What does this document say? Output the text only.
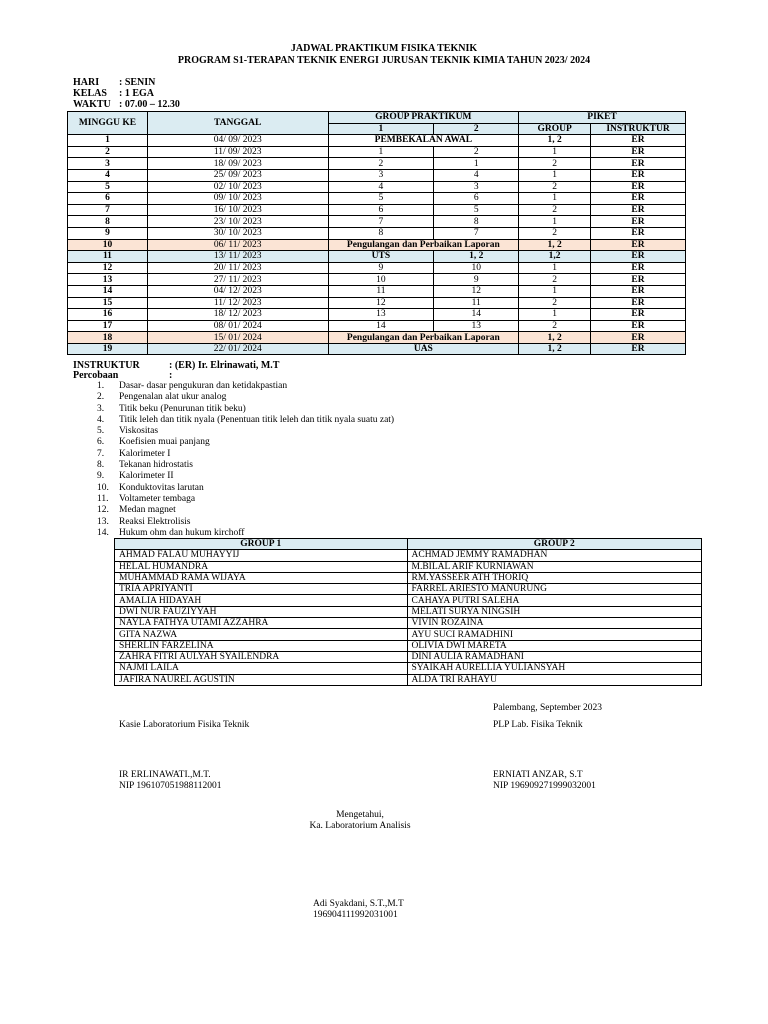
JADWAL PRAKTIKUM FISIKA TEKNIK
PROGRAM S1-TERAPAN TEKNIK ENERGI JURUSAN TEKNIK KIMIA TAHUN 2023/ 2024
HARI : SENIN
KELAS : 1 EGA
WAKTU : 07.00 – 12.30
MINGGU KE	TANGGAL	GROUP PRAKTIKUM		PIKET	
		1	2	GROUP	INSTRUKTUR
1	04/ 09/ 2023	PEMBEKALAN AWAL		1, 2	ER
2	11/ 09/ 2023	1	2	1	ER
3	18/ 09/ 2023	2	1	2	ER
4	25/ 09/ 2023	3	4	1	ER
5	02/ 10/ 2023	4	3	2	ER
6	09/ 10/ 2023	5	6	1	ER
7	16/ 10/ 2023	6	5	2	ER
8	23/ 10/ 2023	7	8	1	ER
9	30/ 10/ 2023	8	7	2	ER
10	06/ 11/ 2023	Pengulangan dan Perbaikan Laporan		1, 2	ER
11	13/ 11/ 2023	UTS	1, 2	1,2	ER
12	20/ 11/ 2023	9	10	1	ER
13	27/ 11/ 2023	10	9	2	ER
14	04/ 12/ 2023	11	12	1	ER
15	11/ 12/ 2023	12	11	2	ER
16	18/ 12/ 2023	13	14	1	ER
17	08/ 01/ 2024	14	13	2	ER
18	15/ 01/ 2024	Pengulangan dan Perbaikan Laporan		1, 2	ER
19	22/ 01/ 2024	UAS		1, 2	ER
INSTRUKTUR	: (ER) Ir. Elrinawati, M.T
Percobaan	:
1. Dasar- dasar pengukuran dan ketidakpastian
2. Pengenalan alat ukur analog
3. Titik beku (Penurunan titik beku)
4. Titik leleh dan titik nyala (Penentuan titik leleh dan titik nyala suatu zat)
5. Viskositas
6. Koefisien muai panjang
7. Kalorimeter I
8. Tekanan hidrostatis
9. Kalorimeter II
10. Konduktovitas larutan
11. Voltameter tembaga
12. Medan magnet
13. Reaksi Elektrolisis
14. Hukum ohm dan hukum kirchoff
GROUP 1	GROUP 2
AHMAD FALAU MUHAYYIJ	ACHMAD JEMMY RAMADHAN
HELAL HUMANDRA	M.BILAL ARIF KURNIAWAN
MUHAMMAD RAMA WIJAYA	RM.YASSEER ATH THORIQ
TRIA APRIYANTI	FARREL ARIESTO MANURUNG
AMALIA HIDAYAH	CAHAYA PUTRI SALEHA
DWI NUR FAUZIYYAH	MELATI SURYA NINGSIH
NAYLA FATHYA UTAMI AZZAHRA	VIVIN ROZAINA
GITA NAZWA	AYU SUCI RAMADHINI
SHERLIN FARZELINA	OLIVIA DWI MARETA
ZAHRA FITRI AULYAH SYAILENDRA	DINI AULIA RAMADHANI
NAJMI LAILA	SYAIKAH AURELLIA YULIANSYAH
JAFIRA NAUREL AGUSTIN	ALDA TRI RAHAYU
Palembang, September 2023
Kasie Laboratorium Fisika Teknik	PLP Lab. Fisika Teknik
IR ERLINAWATI.,M.T.
NIP 196107051988112001
ERNIATI ANZAR, S.T
NIP 196909271999032001
Mengetahui,
Ka. Laboratorium Analisis
Adi Syakdani, S.T.,M.T
196904111992031001
